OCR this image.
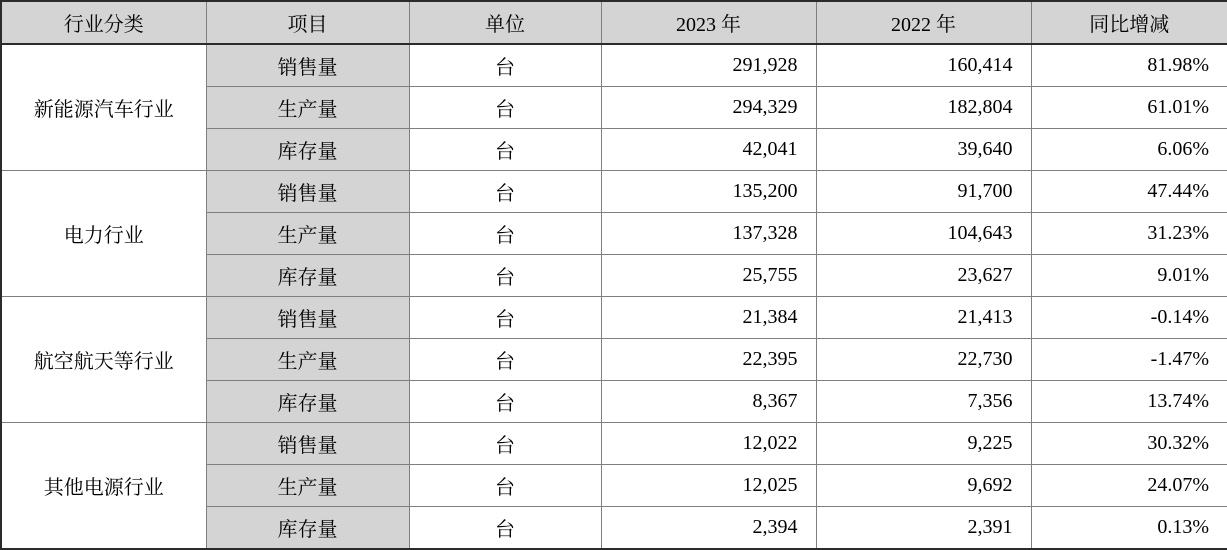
行业分类	项目	单位	2023 年	2022 年	同比增减
新能源汽车行业	销售量	台	291,928	160,414	81.98%
	生产量	台	294,329	182,804	61.01%
	库存量	台	42,041	39,640	6.06%
电力行业	销售量	台	135,200	91,700	47.44%
	生产量	台	137,328	104,643	31.23%
	库存量	台	25,755	23,627	9.01%
航空航天等行业	销售量	台	21,384	21,413	-0.14%
	生产量	台	22,395	22,730	-1.47%
	库存量	台	8,367	7,356	13.74%
其他电源行业	销售量	台	12,022	9,225	30.32%
	生产量	台	12,025	9,692	24.07%
	库存量	台	2,394	2,391	0.13%
